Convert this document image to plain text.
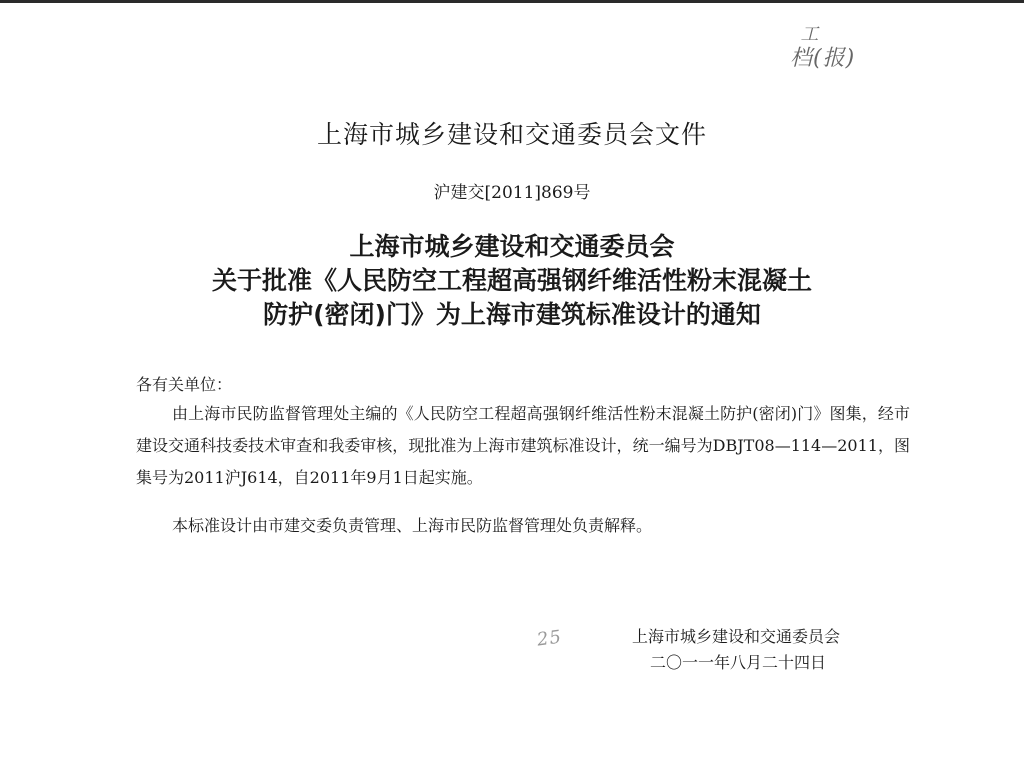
工
档(报)
25
上海市城乡建设和交通委员会文件
沪建交[2011]869号
上海市城乡建设和交通委员会
关于批准《人民防空工程超高强钢纤维活性粉末混凝土
防护(密闭)门》为上海市建筑标准设计的通知
各有关单位：
由上海市民防监督管理处主编的《人民防空工程超高强钢纤维活性粉末混凝土防护(密闭)门》图集，经市建设交通科技委技术审查和我委审核，现批准为上海市建筑标准设计，统一编号为DBJT08—114—2011，图集号为2011沪J614，自2011年9月1日起实施。
本标准设计由市建交委负责管理、上海市民防监督管理处负责解释。
上海市城乡建设和交通委员会
二〇一一年八月二十四日
